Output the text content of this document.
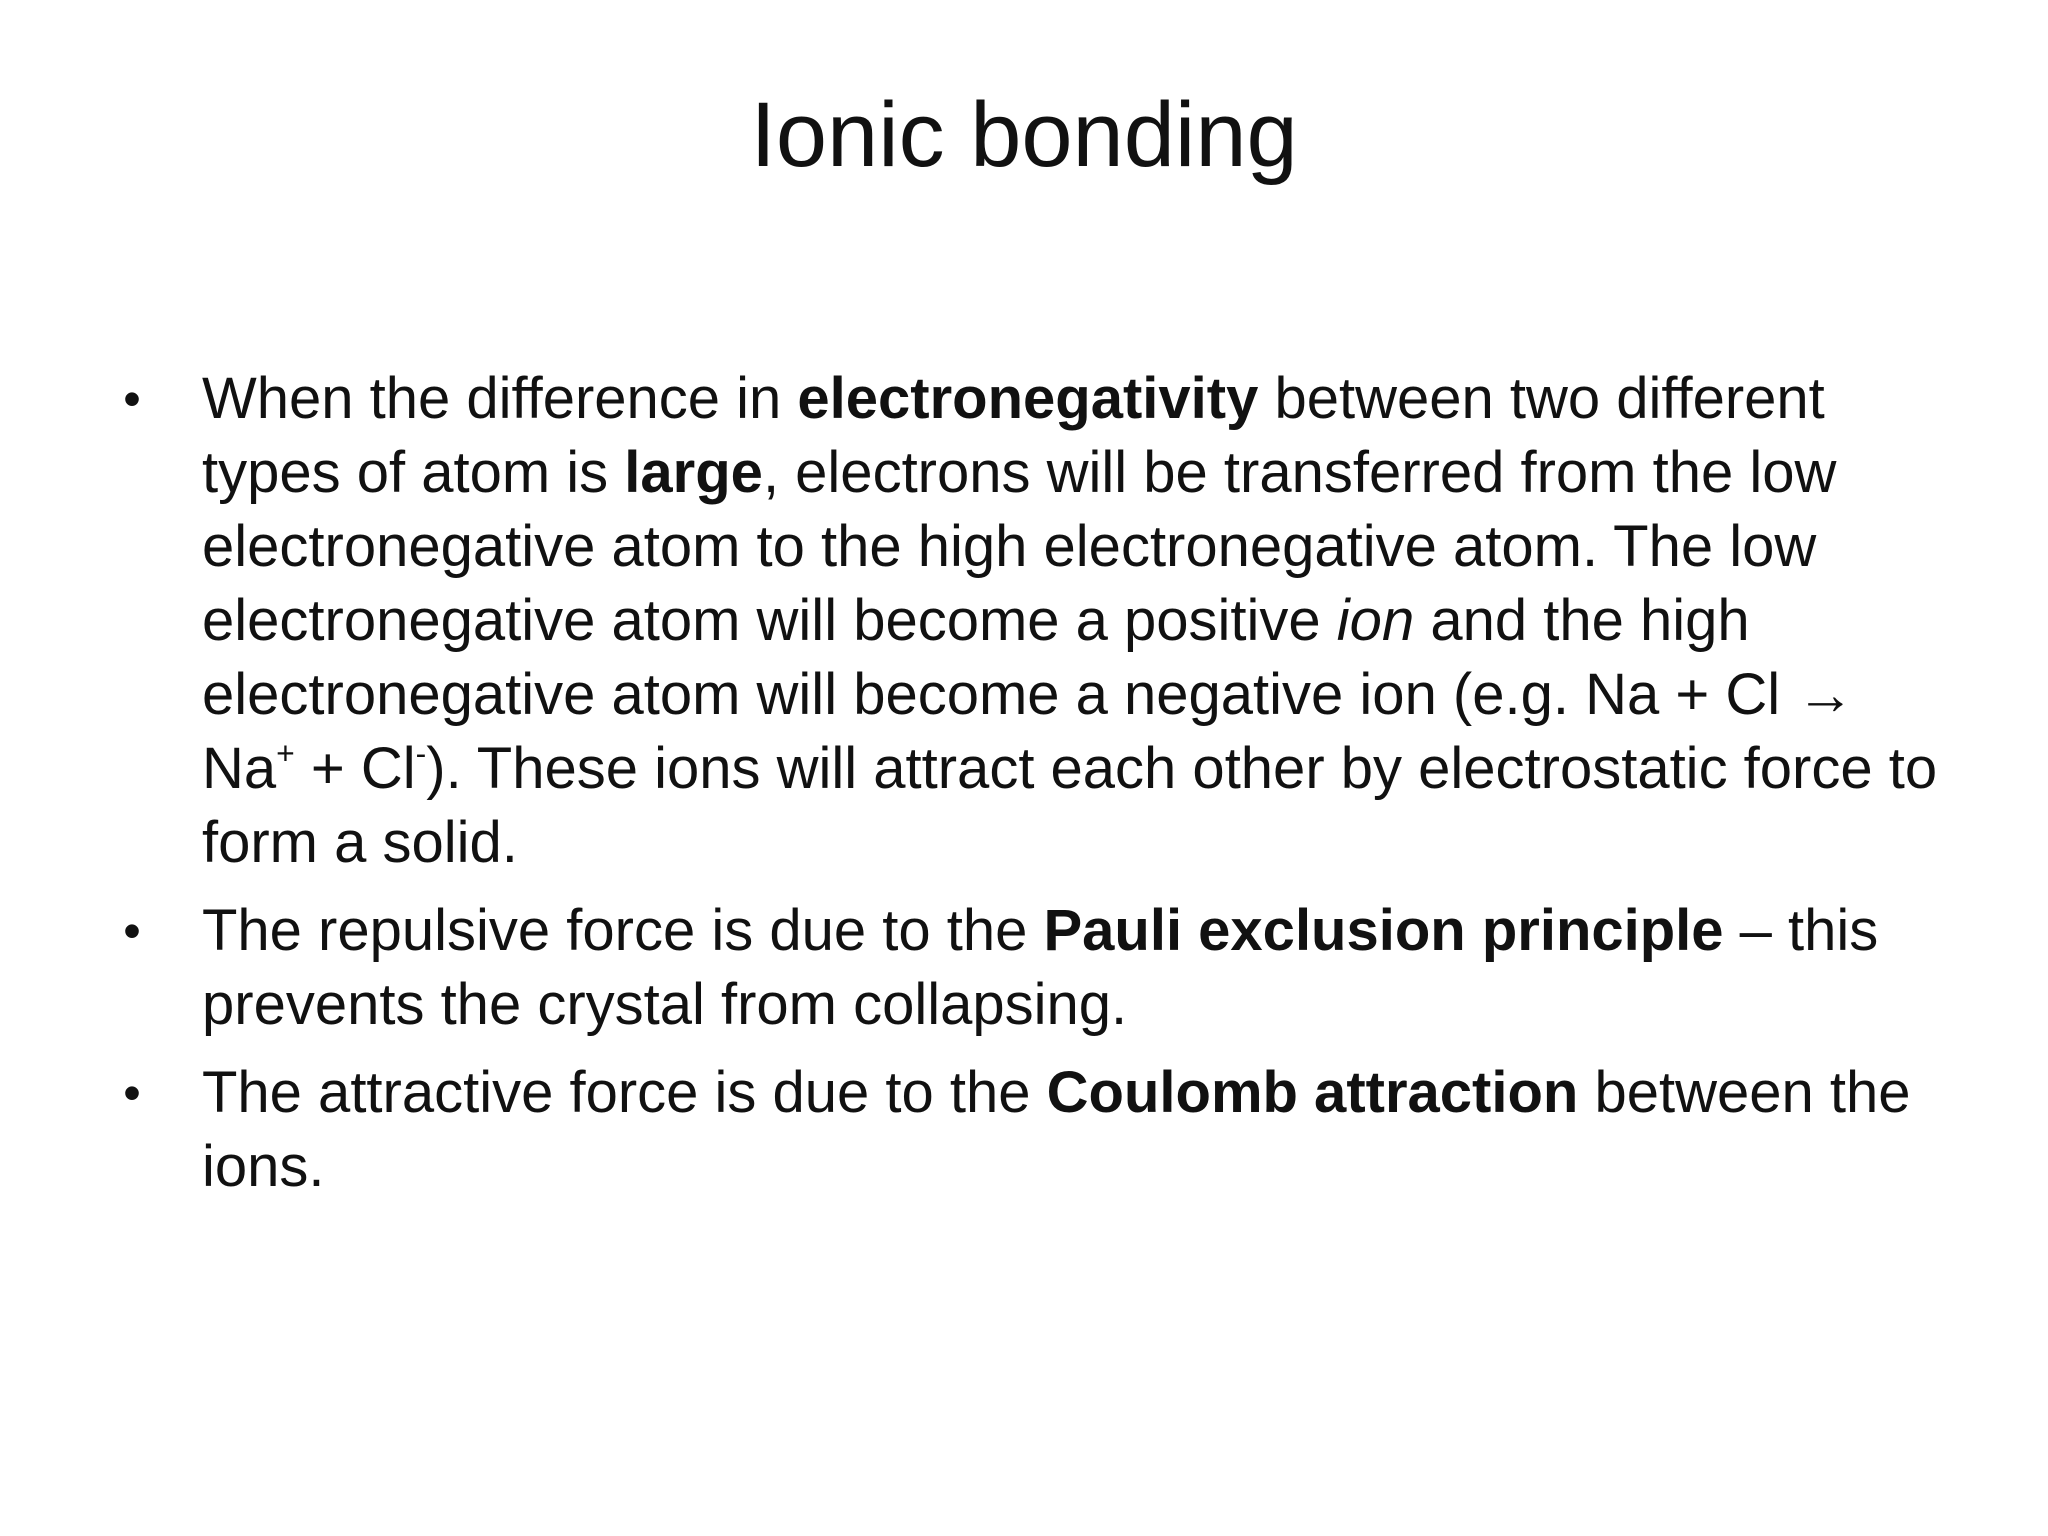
Ionic bonding
• When the difference in electronegativity between two different types of atom is large, electrons will be transferred from the low electronegative atom to the high electronegative atom. The low electronegative atom will become a positive ion and the high electronegative atom will become a negative ion (e.g. Na + Cl → Na+ + Cl-). These ions will attract each other by electrostatic force to form a solid.
• The repulsive force is due to the Pauli exclusion principle – this prevents the crystal from collapsing.
• The attractive force is due to the Coulomb attraction between the ions.
